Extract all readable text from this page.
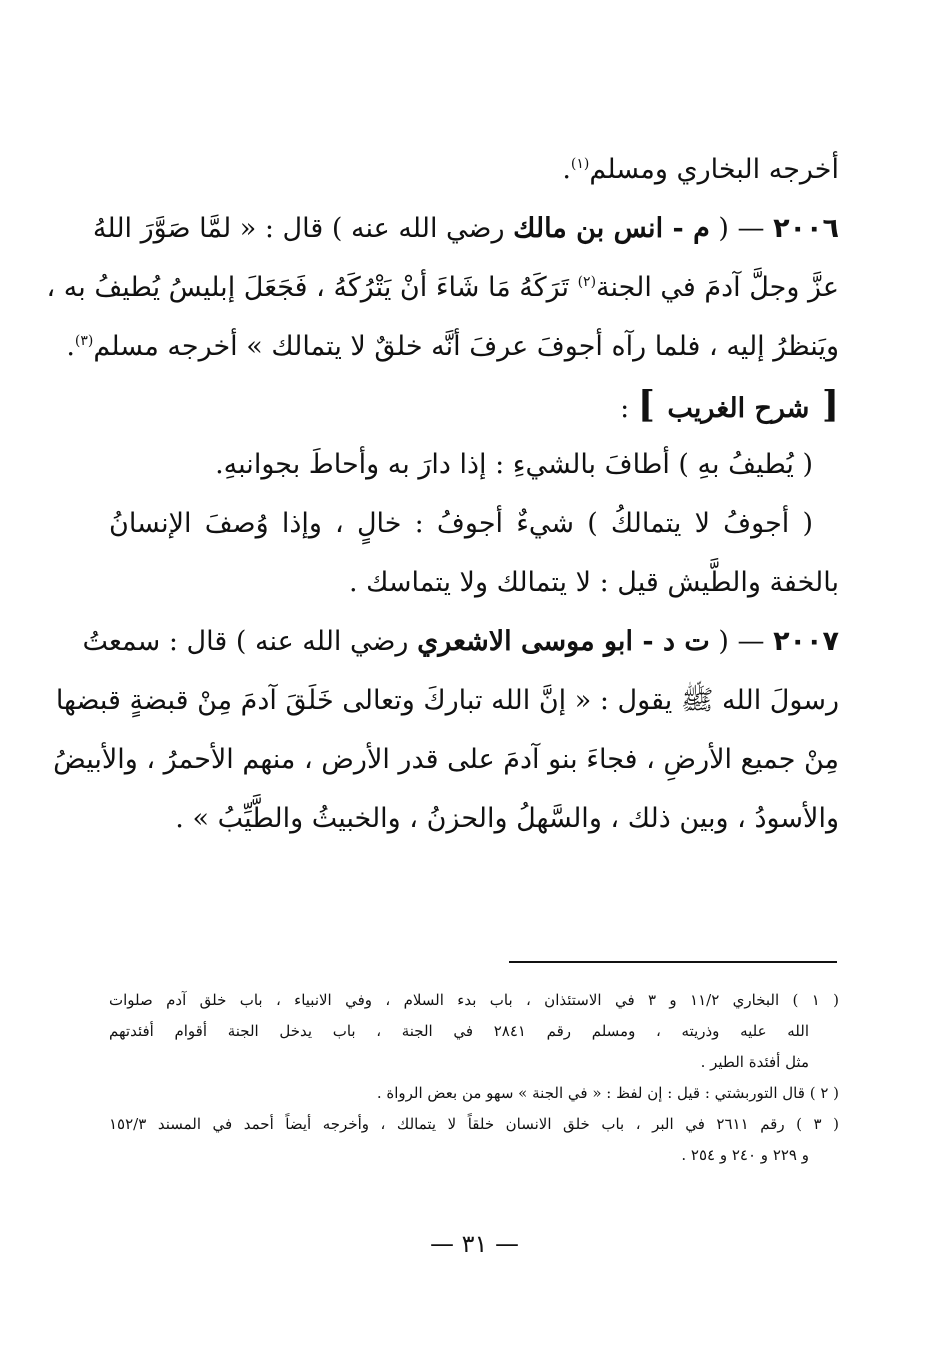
أخرجه البخاري ومسلم$^{(١)}$.
٢٠٠٦ — ( م - انس بن مالك رضي الله عنه ) قال : « لمَّا صَوَّرَ اللهُ
عزَّ وجلَّ آدمَ في الجنة$^{(٢)}$ تَرَكَهُ مَا شَاءَ أنْ يَتْرُكَهُ ، فَجَعَلَ إبليسُ يُطيفُ به ،
ويَنظرُ إليه ، فلما رآه أجوفَ عرفَ أنَّه خلقٌ لا يتمالك » أخرجه مسلم$^{(٣)}$.
[ شرح الغريب ] :
( يُطيفُ بهِ ) أطافَ بالشيءِ : إذا دارَ به وأحاطَ بجوانبهِ.
( أجوفُ لا يتمالكُ ) شيءٌ أجوفُ : خالٍ ، وإذا وُصفَ الإنسانُ
بالخفة والطَّيش قيل : لا يتمالك ولا يتماسك .
٢٠٠٧ — ( ت د - ابو موسى الاشعري رضي الله عنه ) قال : سمعتُ
رسولَ الله ﷺ يقول : « إنَّ الله تباركَ وتعالى خَلَقَ آدمَ مِنْ قبضةٍ قبضها
مِنْ جميع الأرضِ ، فجاءَ بنو آدمَ على قدر الأرض ، منهم الأحمرُ ، والأبيضُ
والأسودُ ، وبين ذلك ، والسَّهلُ والحزنُ ، والخبيثُ والطَّيِّبُ » .
( ١ ) البخاري ١١/٢ و ٣ في الاستئذان ، باب بدء السلام ، وفي الانبياء ، باب خلق آدم صلوات
الله عليه وذريته ، ومسلم رقم ٢٨٤١ في الجنة ، باب يدخل الجنة أقوام أفئدتهم
مثل أفئدة الطير .
( ٢ ) قال التوربشتي : قيل : إن لفظ : « في الجنة » سهو من بعض الرواة .
( ٣ ) رقم ٢٦١١ في البر ، باب خلق الانسان خلقاً لا يتمالك ، وأخرجه أيضاً أحمد في المسند ١٥٢/٣
و ٢٢٩ و ٢٤٠ و ٢٥٤ .
— ٣١ —
